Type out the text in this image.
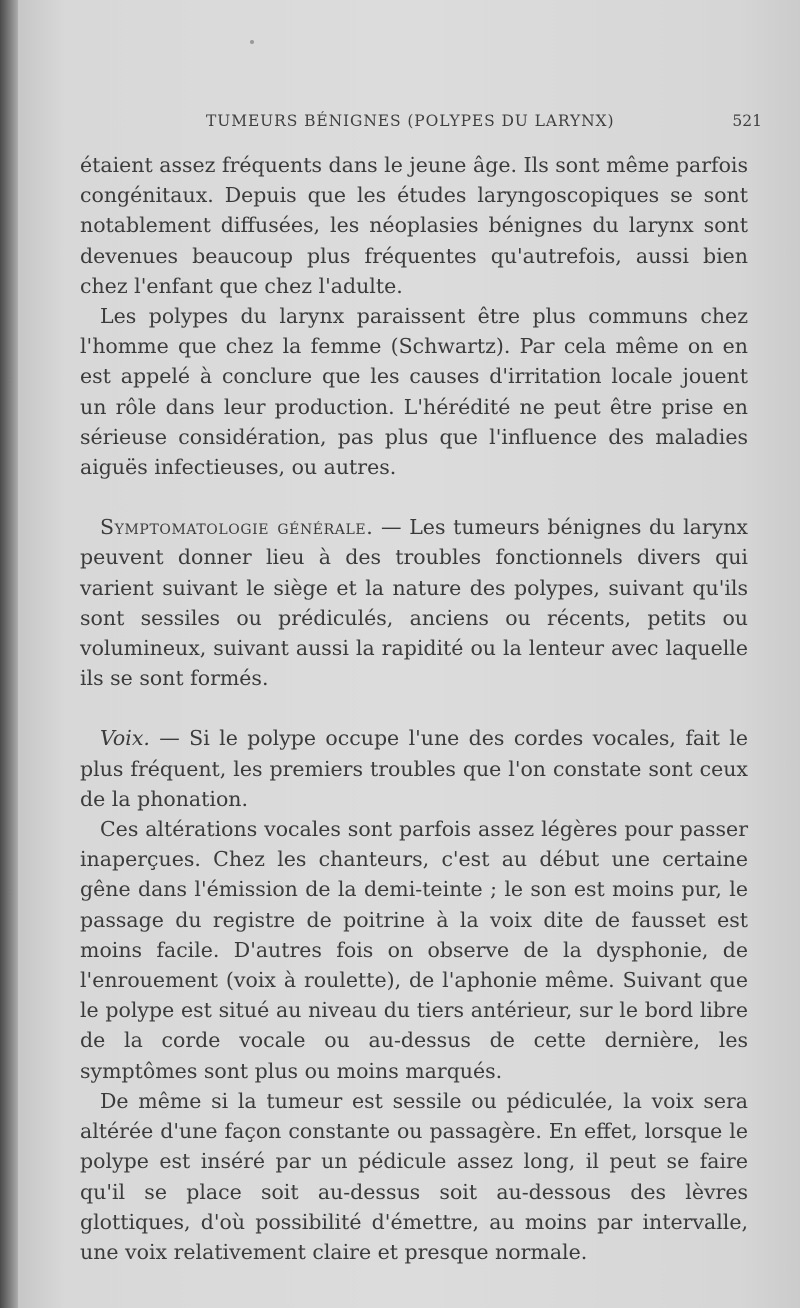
TUMEURS BÉNIGNES (POLYPES DU LARYNX)	521

étaient assez fréquents dans le jeune âge. Ils sont même parfois congénitaux. Depuis que les études laryngoscopiques se sont notablement diffusées, les néoplasies bénignes du larynx sont devenues beaucoup plus fréquentes qu'autrefois, aussi bien chez l'enfant que chez l'adulte.

Les polypes du larynx paraissent être plus communs chez l'homme que chez la femme (Schwartz). Par cela même on en est appelé à conclure que les causes d'irritation locale jouent un rôle dans leur production. L'hérédité ne peut être prise en sérieuse considération, pas plus que l'influence des maladies aiguës infectieuses, ou autres.

Symptomatologie générale. — Les tumeurs bénignes du larynx peuvent donner lieu à des troubles fonctionnels divers qui varient suivant le siège et la nature des polypes, suivant qu'ils sont sessiles ou prédiculés, anciens ou récents, petits ou volumineux, suivant aussi la rapidité ou la lenteur avec laquelle ils se sont formés.

Voix. — Si le polype occupe l'une des cordes vocales, fait le plus fréquent, les premiers troubles que l'on constate sont ceux de la phonation.

Ces altérations vocales sont parfois assez légères pour passer inaperçues. Chez les chanteurs, c'est au début une certaine gêne dans l'émission de la demi-teinte ; le son est moins pur, le passage du registre de poitrine à la voix dite de fausset est moins facile. D'autres fois on observe de la dysphonie, de l'enrouement (voix à roulette), de l'aphonie même. Suivant que le polype est situé au niveau du tiers antérieur, sur le bord libre de la corde vocale ou au-dessus de cette dernière, les symptômes sont plus ou moins marqués.

De même si la tumeur est sessile ou pédiculée, la voix sera altérée d'une façon constante ou passagère. En effet, lorsque le polype est inséré par un pédicule assez long, il peut se faire qu'il se place soit au-dessus soit au-dessous des lèvres glottiques, d'où possibilité d'émettre, au moins par intervalle, une voix relativement claire et presque normale.
